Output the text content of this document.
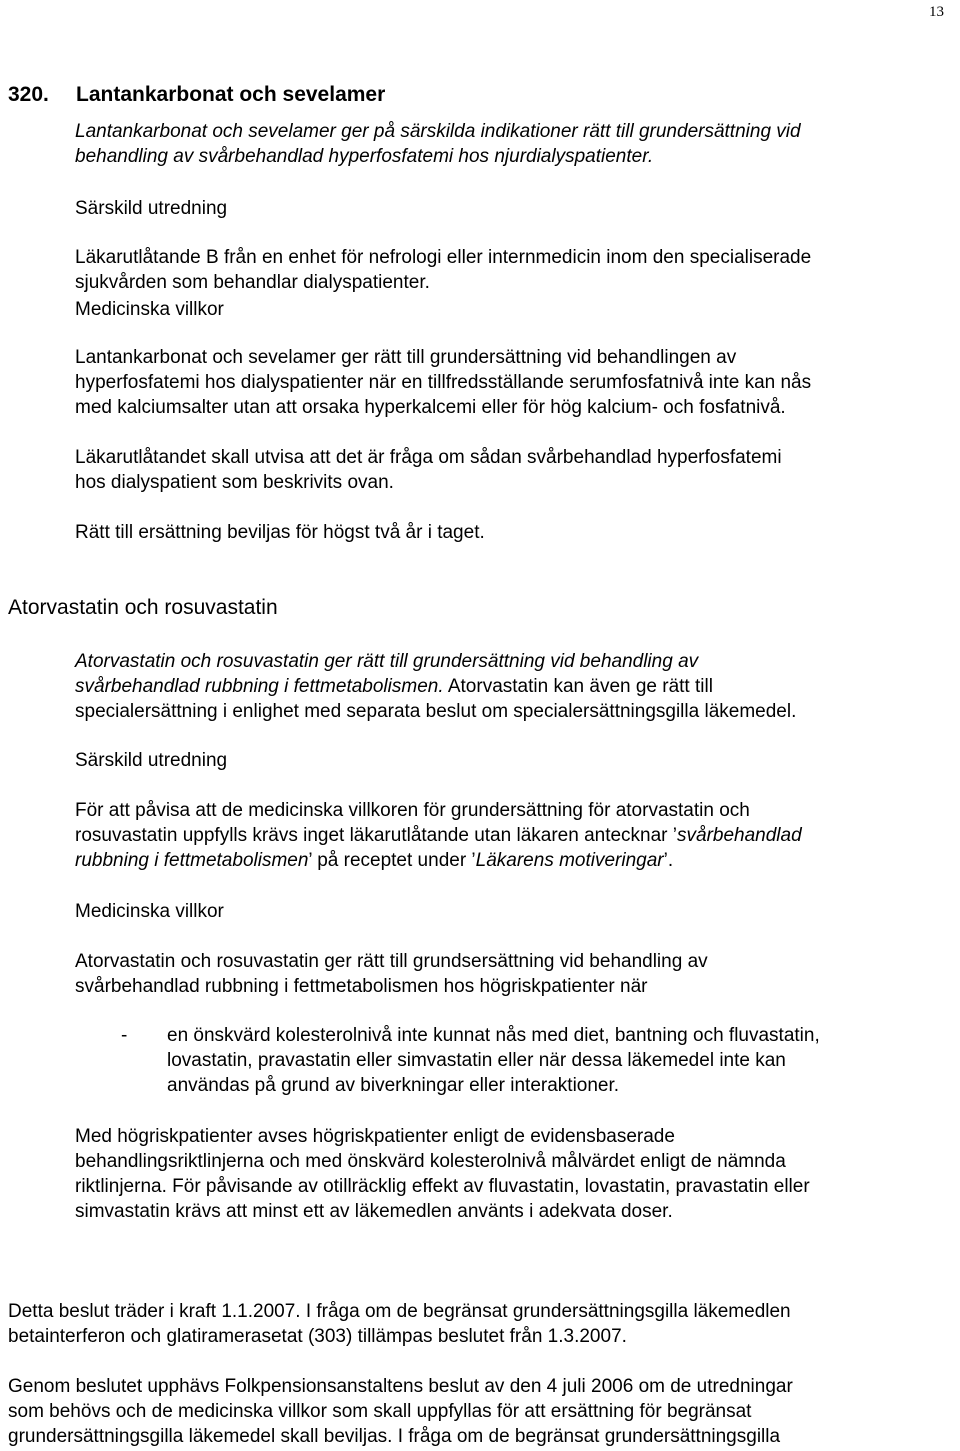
13
320. Lantankarbonat och sevelamer

Lantankarbonat och sevelamer ger på särskilda indikationer rätt till grundersättning vid
behandling av svårbehandlad hyperfosfatemi hos njurdialyspatienter.

Särskild utredning

Läkarutlåtande B från en enhet för nefrologi eller internmedicin inom den specialiserade
sjukvården som behandlar dialyspatienter.

Medicinska villkor

Lantankarbonat och sevelamer ger rätt till grundersättning vid behandlingen av
hyperfosfatemi hos dialyspatienter när en tillfredsställande serumfosfatnivå inte kan nås
med kalciumsalter utan att orsaka hyperkalcemi eller för hög kalcium- och fosfatnivå.

Läkarutlåtandet skall utvisa att det är fråga om sådan svårbehandlad hyperfosfatemi
hos dialyspatient som beskrivits ovan.

Rätt till ersättning beviljas för högst två år i taget.

Atorvastatin och rosuvastatin
Atorvastatin och rosuvastatin ger rätt till grundersättning vid behandling av
svårbehandlad rubbning i fettmetabolismen. Atorvastatin kan även ge rätt till
specialersättning i enlighet med separata beslut om specialersättningsgilla läkemedel.
Särskild utredning
För att påvisa att de medicinska villkoren för grundersättning för atorvastatin och
rosuvastatin uppfylls krävs inget läkarutlåtande utan läkaren antecknar ’svårbehandlad
rubbning i fettmetabolismen’ på receptet under ’Läkarens motiveringar’.
Medicinska villkor

Atorvastatin och rosuvastatin ger rätt till grundsersättning vid behandling av
svårbehandlad rubbning i fettmetabolismen hos högriskpatienter när

- en önskvärd kolesterolnivå inte kunnat nås med diet, bantning och fluvastatin,
lovastatin, pravastatin eller simvastatin eller när dessa läkemedel inte kan
användas på grund av biverkningar eller interaktioner.

Med högriskpatienter avses högriskpatienter enligt de evidensbaserade
behandlingsriktlinjerna och med önskvärd kolesterolnivå målvärdet enligt de nämnda
riktlinjerna. För påvisande av otillräcklig effekt av fluvastatin, lovastatin, pravastatin eller
simvastatin krävs att minst ett av läkemedlen använts i adekvata doser.

Detta beslut träder i kraft 1.1.2007. I fråga om de begränsat grundersättningsgilla läkemedlen
betainterferon och glatiramerasetat (303) tillämpas beslutet från 1.3.2007.

Genom beslutet upphävs Folkpensionsanstaltens beslut av den 4 juli 2006 om de utredningar
som behövs och de medicinska villkor som skall uppfyllas för att ersättning för begränsat
grundersättningsgilla läkemedel skall beviljas. I fråga om de begränsat grundersättningsgilla
